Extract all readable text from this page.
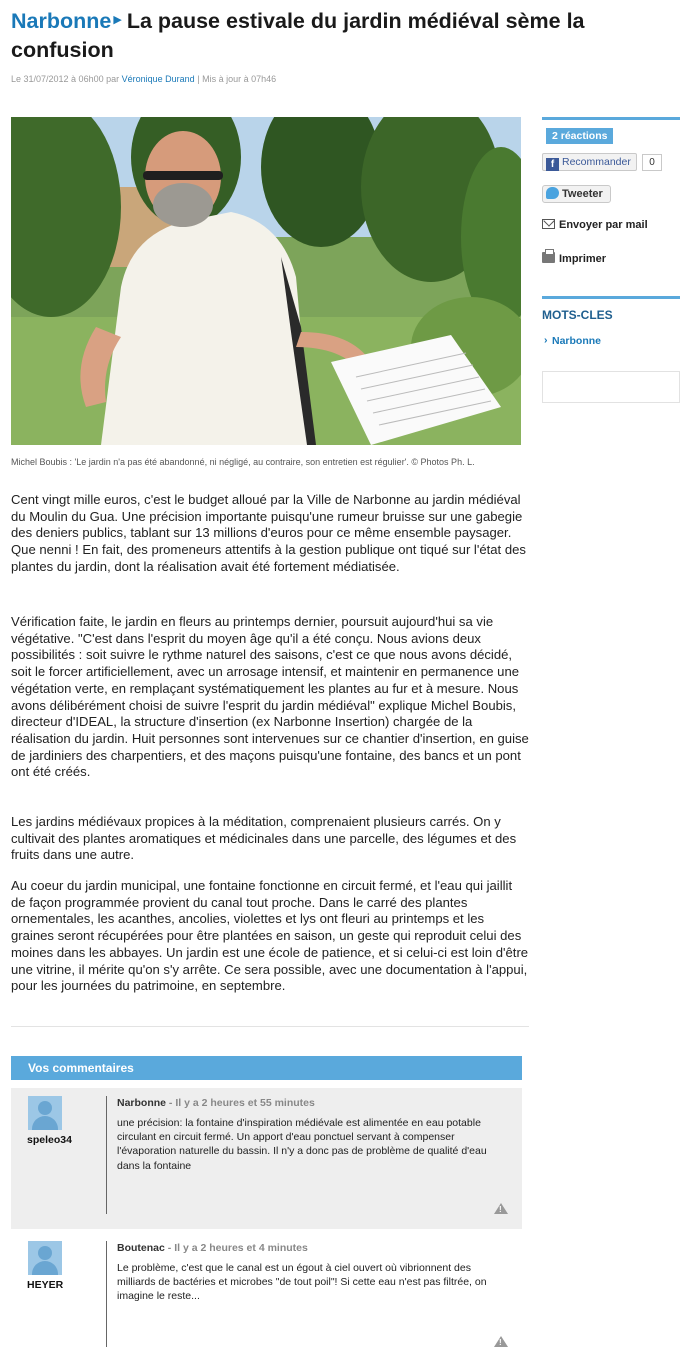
Narbonne ▶ La pause estivale du jardin médiéval sème la confusion
Le 31/07/2012 à 06h00 par Véronique Durand | Mis à jour à 07h46
Michel Boubis : 'Le jardin n'a pas été abandonné, ni négligé, au contraire, son entretien est régulier'. © Photos Ph. L.

Cent vingt mille euros, c'est le budget alloué par la Ville de Narbonne au jardin médiéval du Moulin du Gua. Une précision importante puisqu'une rumeur bruisse sur une gabegie des deniers publics, tablant sur 13 millions d'euros pour ce même ensemble paysager. Que nenni ! En fait, des promeneurs attentifs à la gestion publique ont tiqué sur l'état des plantes du jardin, dont la réalisation avait été fortement médiatisée.

Vérification faite, le jardin en fleurs au printemps dernier, poursuit aujourd'hui sa vie végétative. "C'est dans l'esprit du moyen âge qu'il a été conçu. Nous avions deux possibilités : soit suivre le rythme naturel des saisons, c'est ce que nous avons décidé, soit le forcer artificiellement, avec un arrosage intensif, et maintenir en permanence une végétation verte, en remplaçant systématiquement les plantes au fur et à mesure. Nous avons délibérément choisi de suivre l'esprit du jardin médiéval" explique Michel Boubis, directeur d'IDEAL, la structure d'insertion (ex Narbonne Insertion) chargée de la réalisation du jardin. Huit personnes sont intervenues sur ce chantier d'insertion, en guise de jardiniers des charpentiers, et des maçons puisqu'une fontaine, des bancs et un pont ont été créés.

Les jardins médiévaux propices à la méditation, comprenaient plusieurs carrés. On y cultivait des plantes aromatiques et médicinales dans une parcelle, des légumes et des fruits dans une autre.

Au coeur du jardin municipal, une fontaine fonctionne en circuit fermé, et l'eau qui jaillit de façon programmée provient du canal tout proche. Dans le carré des plantes ornementales, les acanthes, ancolies, violettes et lys ont fleuri au printemps et les graines seront récupérées pour être plantées en saison, un geste qui reproduit celui des moines dans les abbayes. Un jardin est une école de patience, et si celui-ci est loin d'être une vitrine, il mérite qu'on s'y arrête. Ce sera possible, avec une documentation à l'appui, pour les journées du patrimoine, en septembre.

2 réactions
f Recommander	0
Tweeter
Envoyer par mail
Imprimer
MOTS-CLES
› Narbonne
Vos commentaires
speleo34
Narbonne - Il y a 2 heures et 55 minutes
une précision: la fontaine d'inspiration médiévale est alimentée en eau potable circulant en circuit fermé. Un apport d'eau ponctuel servant à compenser l'évaporation naturelle du bassin. Il n'y a donc pas de problème de qualité d'eau dans la fontaine
!
HEYER
Boutenac - Il y a 2 heures et 4 minutes
Le problème, c'est que le canal est un égout à ciel ouvert où vibrionnent des milliards de bactéries et microbes "de tout poil"! Si cette eau n'est pas filtrée, on imagine le reste...
!
